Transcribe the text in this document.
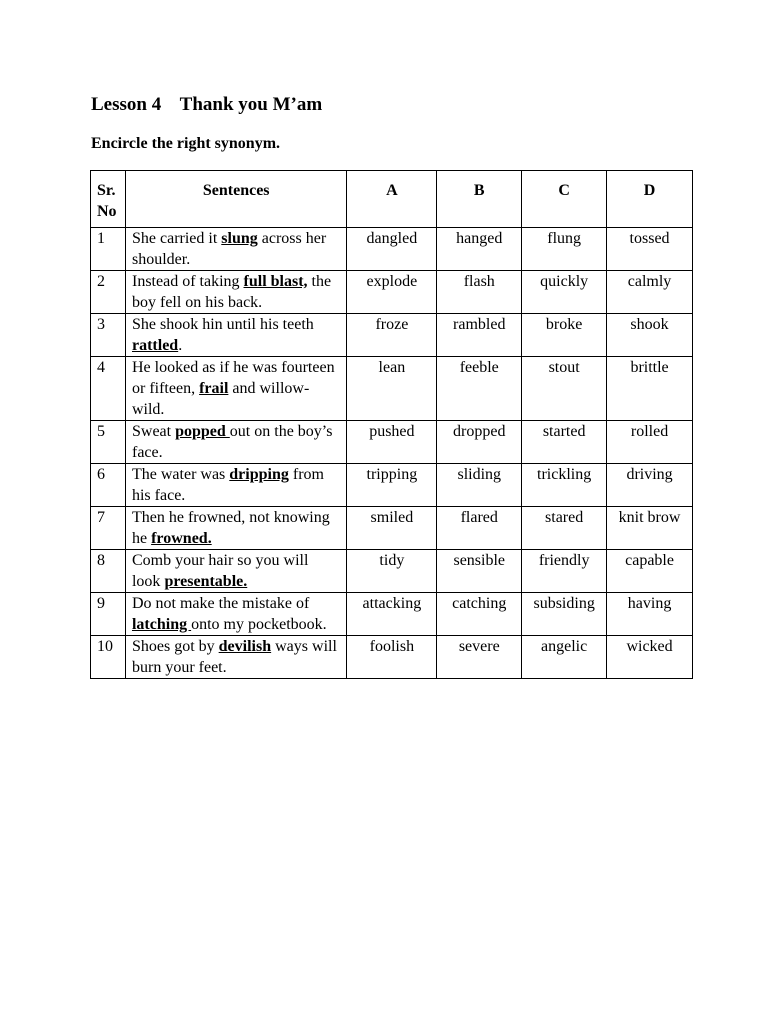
Lesson 4 Thank you M’am

Encircle the right synonym.

Sr.
No	Sentences	A	B	C	D
1	She carried it slung across her shoulder.	dangled	hanged	flung	tossed
2	Instead of taking full blast, the boy fell on his back.	explode	flash	quickly	calmly
3	She shook hin until his teeth rattled.	froze	rambled	broke	shook
4	He looked as if he was fourteen or fifteen, frail and willow-wild.	lean	feeble	stout	brittle
5	Sweat popped out on the boy’s face.	pushed	dropped	started	rolled
6	The water was dripping from his face.	tripping	sliding	trickling	driving
7	Then he frowned, not knowing he frowned.	smiled	flared	stared	knit brow
8	Comb your hair so you will look presentable.	tidy	sensible	friendly	capable
9	Do not make the mistake of latching onto my pocketbook.	attacking	catching	subsiding	having
10	Shoes got by devilish ways will burn your feet.	foolish	severe	angelic	wicked
